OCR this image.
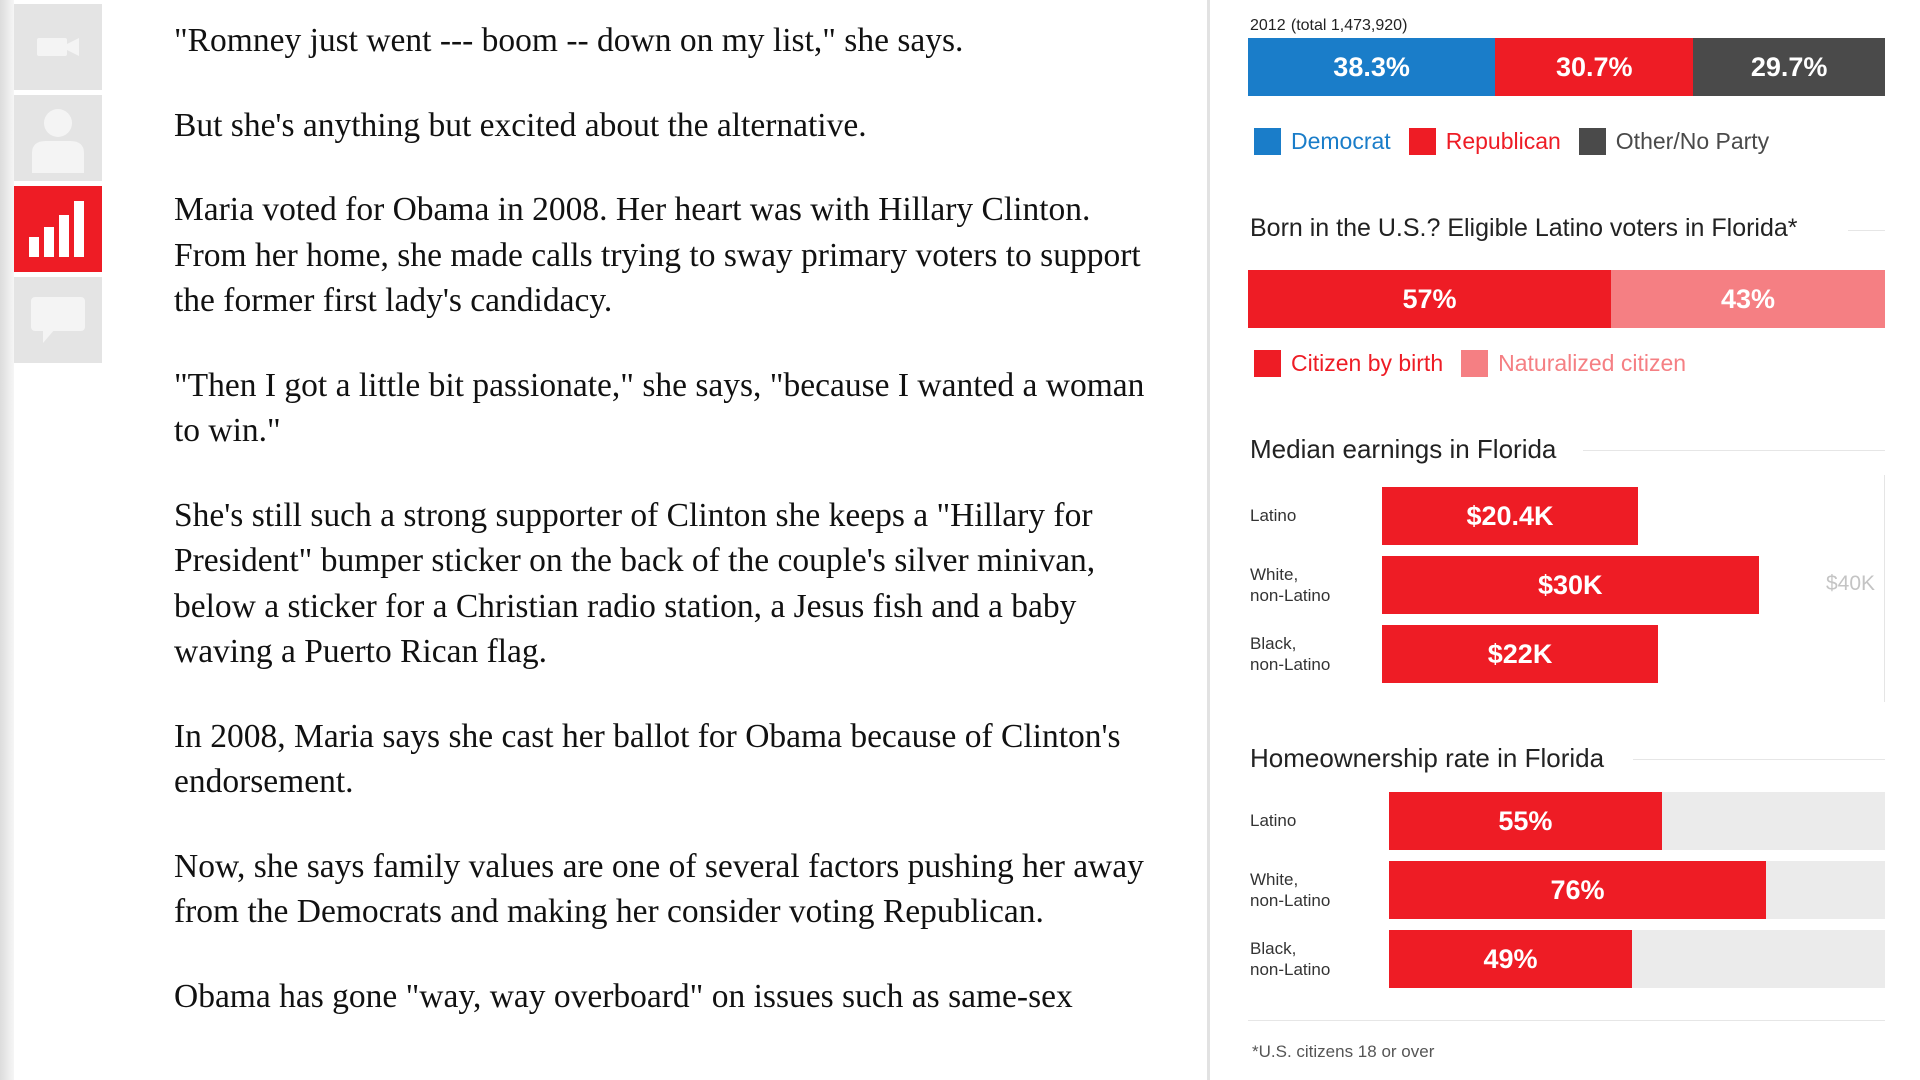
"Romney just went --- boom -- down on my list," she says.

But she's anything but excited about the alternative.

Maria voted for Obama in 2008. Her heart was with Hillary Clinton. From her home, she made calls trying to sway primary voters to support the former first lady's candidacy.

"Then I got a little bit passionate," she says, "because I wanted a woman to win."

She's still such a strong supporter of Clinton she keeps a "Hillary for President" bumper sticker on the back of the couple's silver minivan, below a sticker for a Christian radio station, a Jesus fish and a baby waving a Puerto Rican flag.

In 2008, Maria says she cast her ballot for Obama because of Clinton's endorsement.

Now, she says family values are one of several factors pushing her away from the Democrats and making her consider voting Republican.

Obama has gone "way, way overboard" on issues such as same-sex

2012 (total 1,473,920)
38.3%	30.7%	29.7%
Democrat Republican Other/No Party
Born in the U.S.? Eligible Latino voters in Florida*
57%	43%
Citizen by birth Naturalized citizen
Median earnings in Florida
Latino	$20.4K
White,
non-Latino	$30K
Black,
non-Latino	$22K
$40K
Homeownership rate in Florida
Latino	55%
White,
non-Latino	76%
Black,
non-Latino	49%
*U.S. citizens 18 or over
